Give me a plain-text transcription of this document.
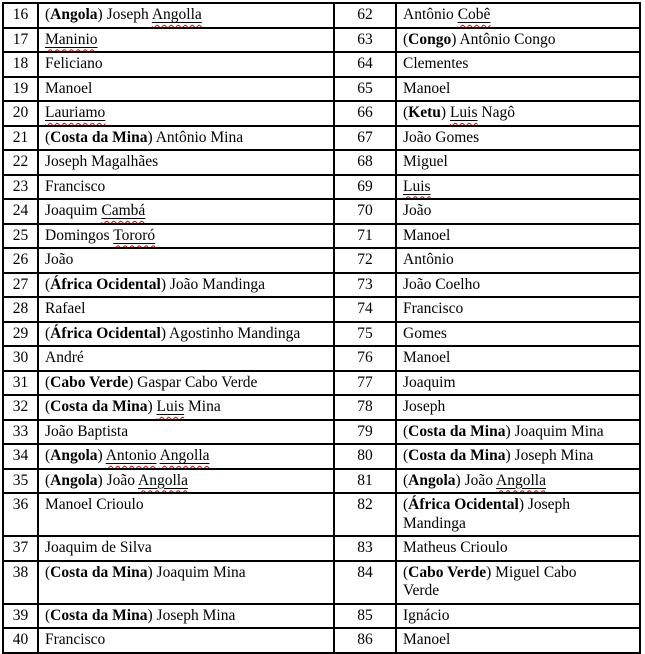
16	(Angola) Joseph Angolla	62	Antônio Cobê
17	Maninio	63	(Congo) Antônio Congo
18	Feliciano	64	Clementes
19	Manoel	65	Manoel
20	Lauriamo	66	(Ketu) Luis Nagô
21	(Costa da Mina) Antônio Mina	67	João Gomes
22	Joseph Magalhães	68	Miguel
23	Francisco	69	Luis
24	Joaquim Cambá	70	João
25	Domingos Tororó	71	Manoel
26	João	72	Antônio
27	(África Ocidental) João Mandinga	73	João Coelho
28	Rafael	74	Francisco
29	(África Ocidental) Agostinho Mandinga	75	Gomes
30	André	76	Manoel
31	(Cabo Verde) Gaspar Cabo Verde	77	Joaquim
32	(Costa da Mina) Luis Mina	78	Joseph
33	João Baptista	79	(Costa da Mina) Joaquim Mina
34	(Angola) Antonio Angolla	80	(Costa da Mina) Joseph Mina
35	(Angola) João Angolla	81	(Angola) João Angolla
36	Manoel Crioulo	82	(África Ocidental) Joseph
Mandinga
37	Joaquim de Silva	83	Matheus Crioulo
38	(Costa da Mina) Joaquim Mina	84	(Cabo Verde) Miguel Cabo
Verde
39	(Costa da Mina) Joseph Mina	85	Ignácio
40	Francisco	86	Manoel
